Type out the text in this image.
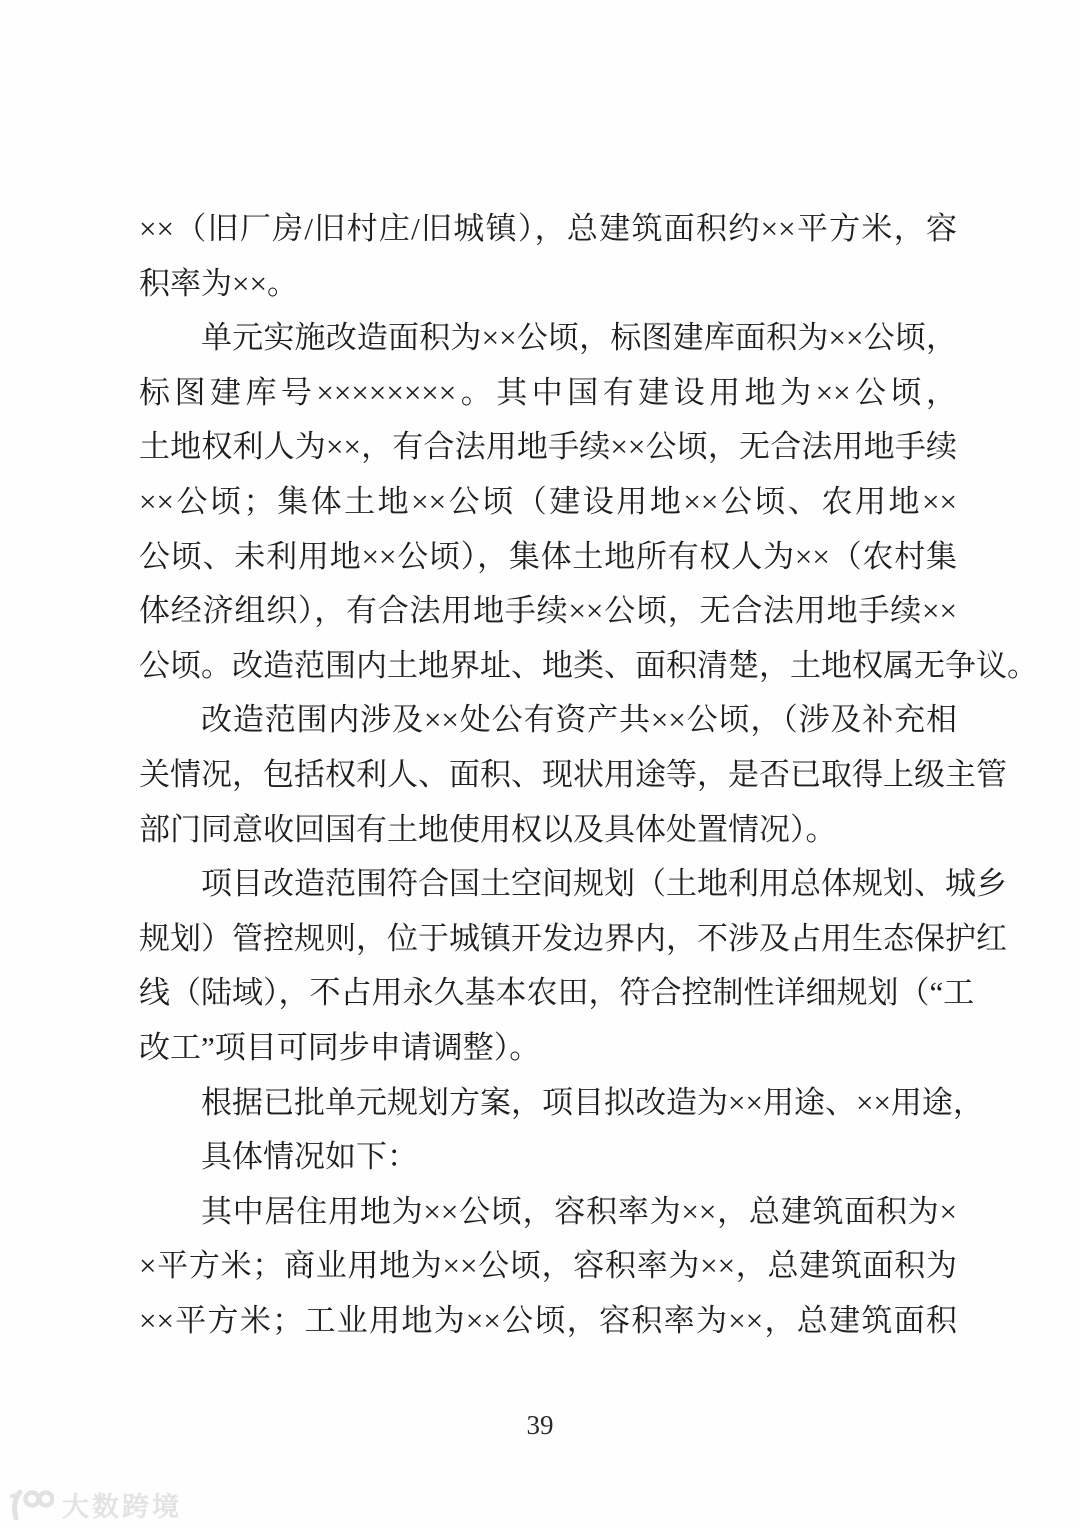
××（旧厂房/旧村庄/旧城镇），总建筑面积约××平方米，容
积率为××。
单元实施改造面积为××公顷，标图建库面积为××公顷，
标图建库号××××××××。其中国有建设用地为××公顷，
土地权利人为××，有合法用地手续××公顷，无合法用地手续
××公顷；集体土地××公顷（建设用地××公顷、农用地××
公顷、未利用地××公顷），集体土地所有权人为××（农村集
体经济组织），有合法用地手续××公顷，无合法用地手续××
公顷。改造范围内土地界址、地类、面积清楚，土地权属无争议。
改造范围内涉及××处公有资产共××公顷，（涉及补充相
关情况，包括权利人、面积、现状用途等，是否已取得上级主管
部门同意收回国有土地使用权以及具体处置情况）。
项目改造范围符合国土空间规划（土地利用总体规划、城乡
规划）管控规则，位于城镇开发边界内，不涉及占用生态保护红
线（陆域），不占用永久基本农田，符合控制性详细规划（“工
改工”项目可同步申请调整）。
根据已批单元规划方案，项目拟改造为××用途、××用途，
具体情况如下：
其中居住用地为××公顷，容积率为××，总建筑面积为×
×平方米；商业用地为××公顷，容积率为××，总建筑面积为
××平方米；工业用地为××公顷，容积率为××，总建筑面积
39
大数跨境
